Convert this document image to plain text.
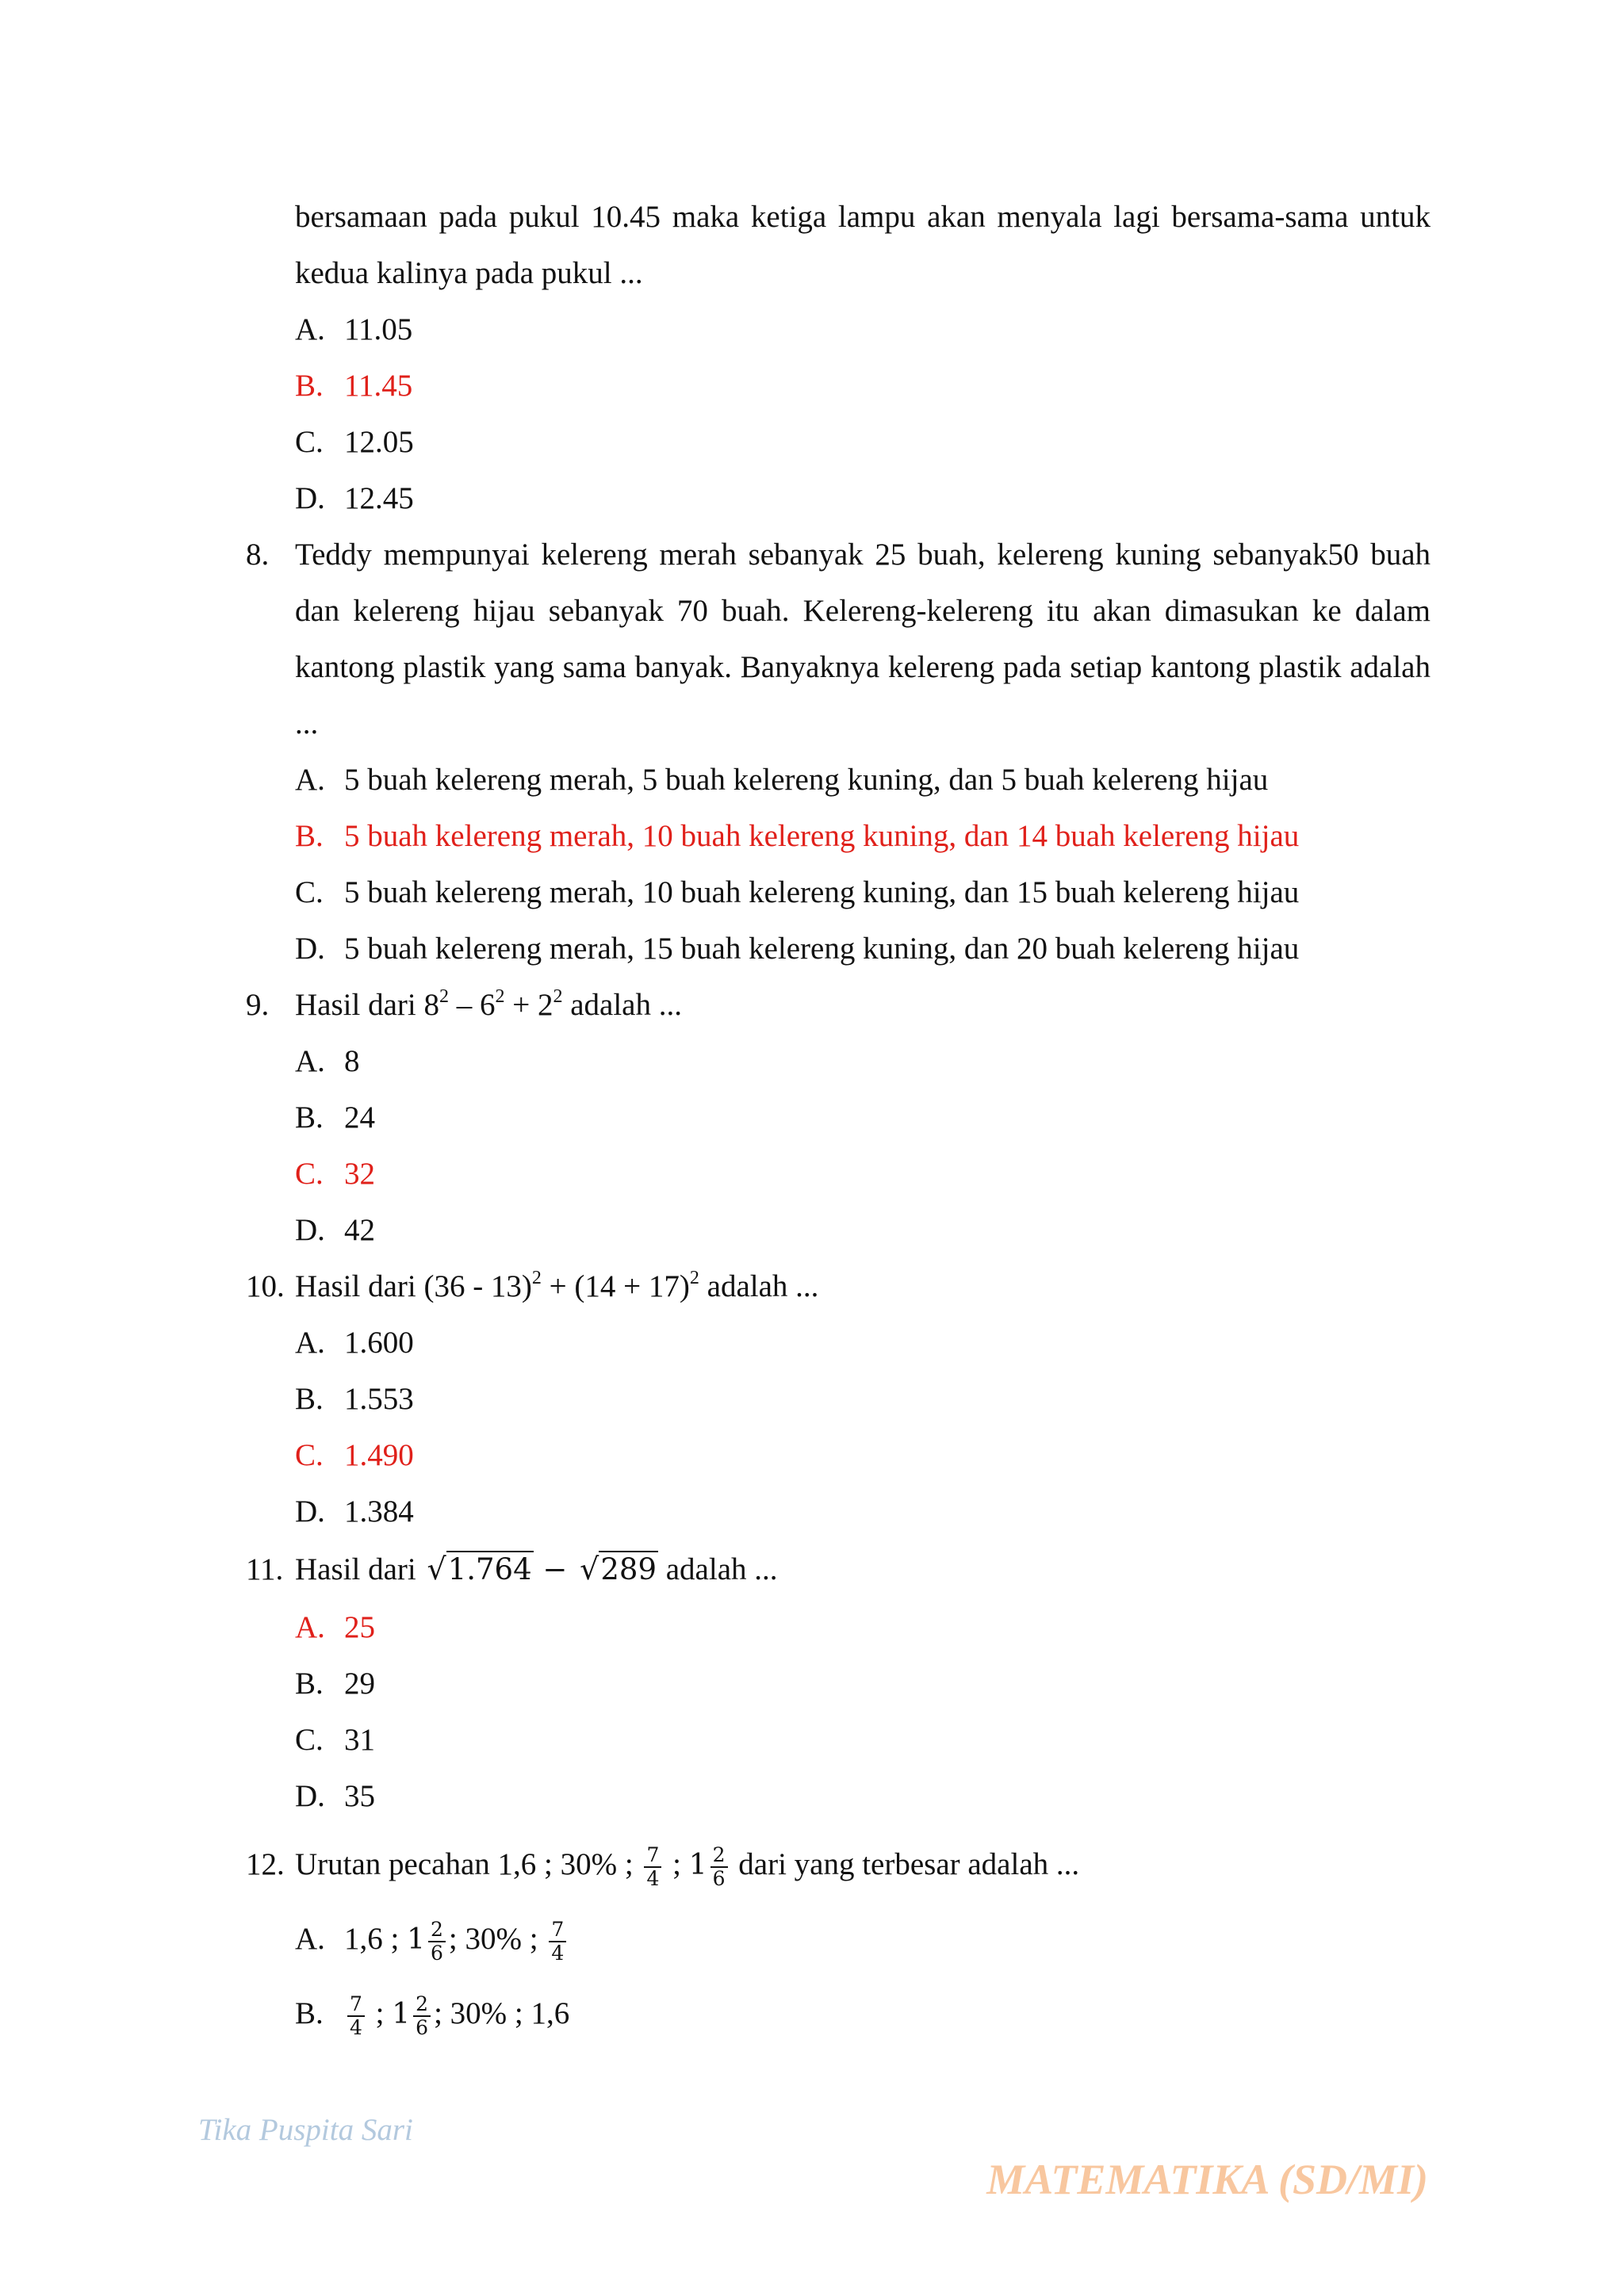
bersamaan pada pukul 10.45 maka ketiga lampu akan menyala lagi bersama-sama untuk kedua kalinya pada pukul ...
A. 11.05
B. 11.45
C. 12.05
D. 12.45
8. Teddy mempunyai kelereng merah sebanyak 25 buah, kelereng kuning sebanyak50 buah dan kelereng hijau sebanyak 70 buah. Kelereng-kelereng itu akan dimasukan ke dalam kantong plastik yang sama banyak. Banyaknya kelereng pada setiap kantong plastik adalah ...
A. 5 buah kelereng merah, 5 buah kelereng kuning, dan 5 buah kelereng hijau
B. 5 buah kelereng merah, 10 buah kelereng kuning, dan 14 buah kelereng hijau
C. 5 buah kelereng merah, 10 buah kelereng kuning, dan 15 buah kelereng hijau
D. 5 buah kelereng merah, 15 buah kelereng kuning, dan 20 buah kelereng hijau
9. Hasil dari $8^2 - 6^2 + 2^2$ adalah ...
A. 8
B. 24
C. 32
D. 42
10. Hasil dari $(36 - 13)^2 + (14 + 17)^2$ adalah ...
A. 1.600
B. 1.553
C. 1.490
D. 1.384
11. Hasil dari √1.764 − √289 adalah ...
A. 25
B. 29
C. 31
D. 35
12. Urutan pecahan 1,6 ; 30% ; $\frac{7}{4}$ ; $1 \frac{2}{6}$ dari yang terbesar adalah ...
A. 1,6 ; $1 \frac{2}{6}$ ; 30% ; $\frac{7}{4}$
B. $\frac{7}{4}$ ; $1 \frac{2}{6}$ ; 30% ; 1,6
Tika Puspita Sari
MATEMATIKA (SD/MI)
